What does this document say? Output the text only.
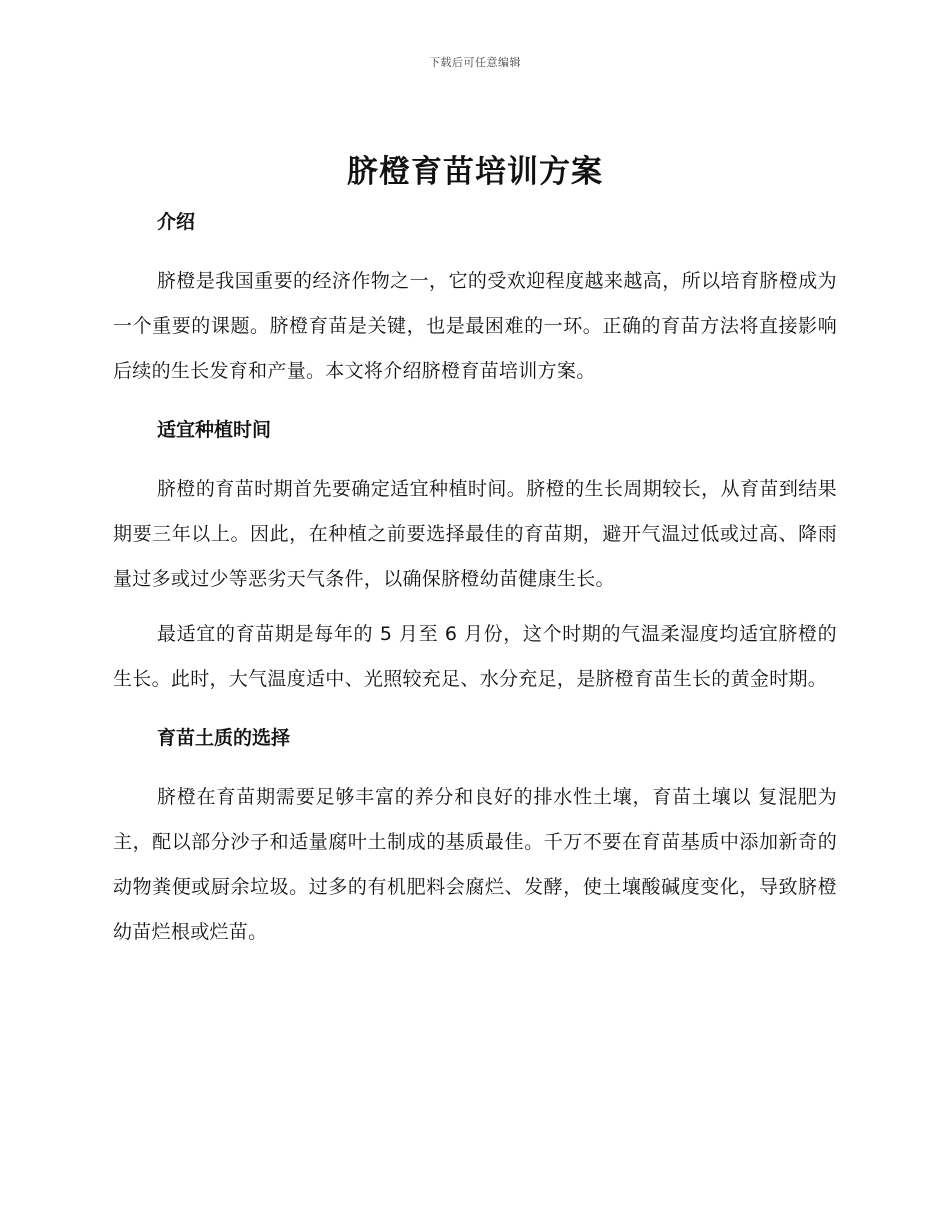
下载后可任意编辑
脐橙育苗培训方案
介绍

脐橙是我国重要的经济作物之一，它的受欢迎程度越来越高，所以培育脐橙成为一个重要的课题。脐橙育苗是关键，也是最困难的一环。正确的育苗方法将直接影响后续的生长发育和产量。本文将介绍脐橙育苗培训方案。

适宜种植时间

脐橙的育苗时期首先要确定适宜种植时间。脐橙的生长周期较长，从育苗到结果期要三年以上。因此，在种植之前要选择最佳的育苗期，避开气温过低或过高、降雨量过多或过少等恶劣天气条件，以确保脐橙幼苗健康生长。

最适宜的育苗期是每年的 5 月至 6 月份，这个时期的气温柔湿度均适宜脐橙的生长。此时，大气温度适中、光照较充足、水分充足，是脐橙育苗生长的黄金时期。

育苗土质的选择

脐橙在育苗期需要足够丰富的养分和良好的排水性土壤，育苗土壤以 复混肥为主，配以部分沙子和适量腐叶土制成的基质最佳。千万不要在育苗基质中添加新奇的动物粪便或厨余垃圾。过多的有机肥料会腐烂、发酵，使土壤酸碱度变化，导致脐橙幼苗烂根或烂苗。
